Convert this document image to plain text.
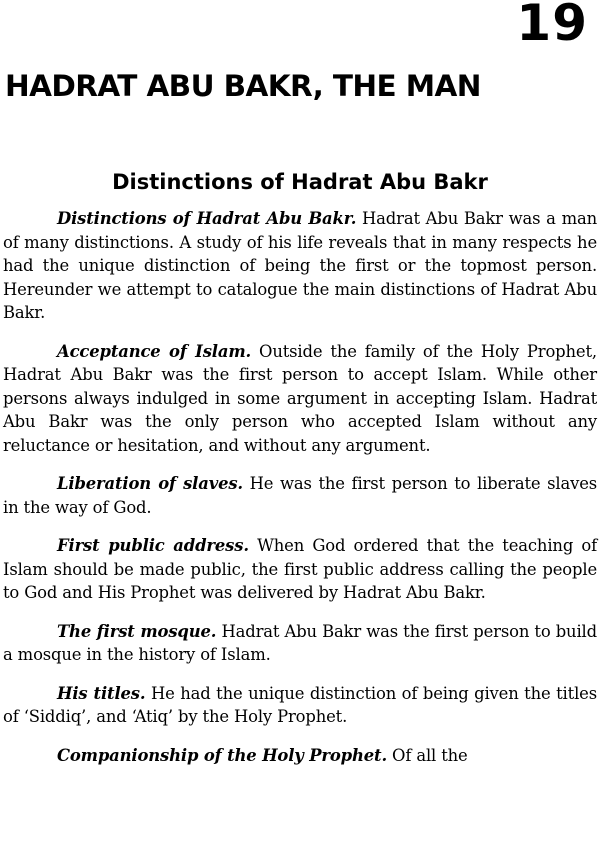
19
HADRAT ABU BAKR, THE MAN
Distinctions of Hadrat Abu Bakr

Distinctions of Hadrat Abu Bakr. Hadrat Abu Bakr was a man of many distinctions. A study of his life reveals that in many respects he had the unique distinction of being the first or the topmost person. Hereunder we attempt to catalogue the main distinctions of Hadrat Abu Bakr.

Acceptance of Islam. Outside the family of the Holy Prophet, Hadrat Abu Bakr was the first person to accept Islam. While other persons always indulged in some argument in accepting Islam. Hadrat Abu Bakr was the only person who accepted Islam without any reluctance or hesitation, and without any argument.

Liberation of slaves. He was the first person to liberate slaves in the way of God.

First public address. When God ordered that the teaching of Islam should be made public, the first public address calling the people to God and His Prophet was delivered by Hadrat Abu Bakr.

The first mosque. Hadrat Abu Bakr was the first person to build a mosque in the history of Islam.

His titles. He had the unique distinction of being given the titles of ‘Siddiq’, and ‘Atiq’ by the Holy Prophet.

Companionship of the Holy Prophet. Of all the
